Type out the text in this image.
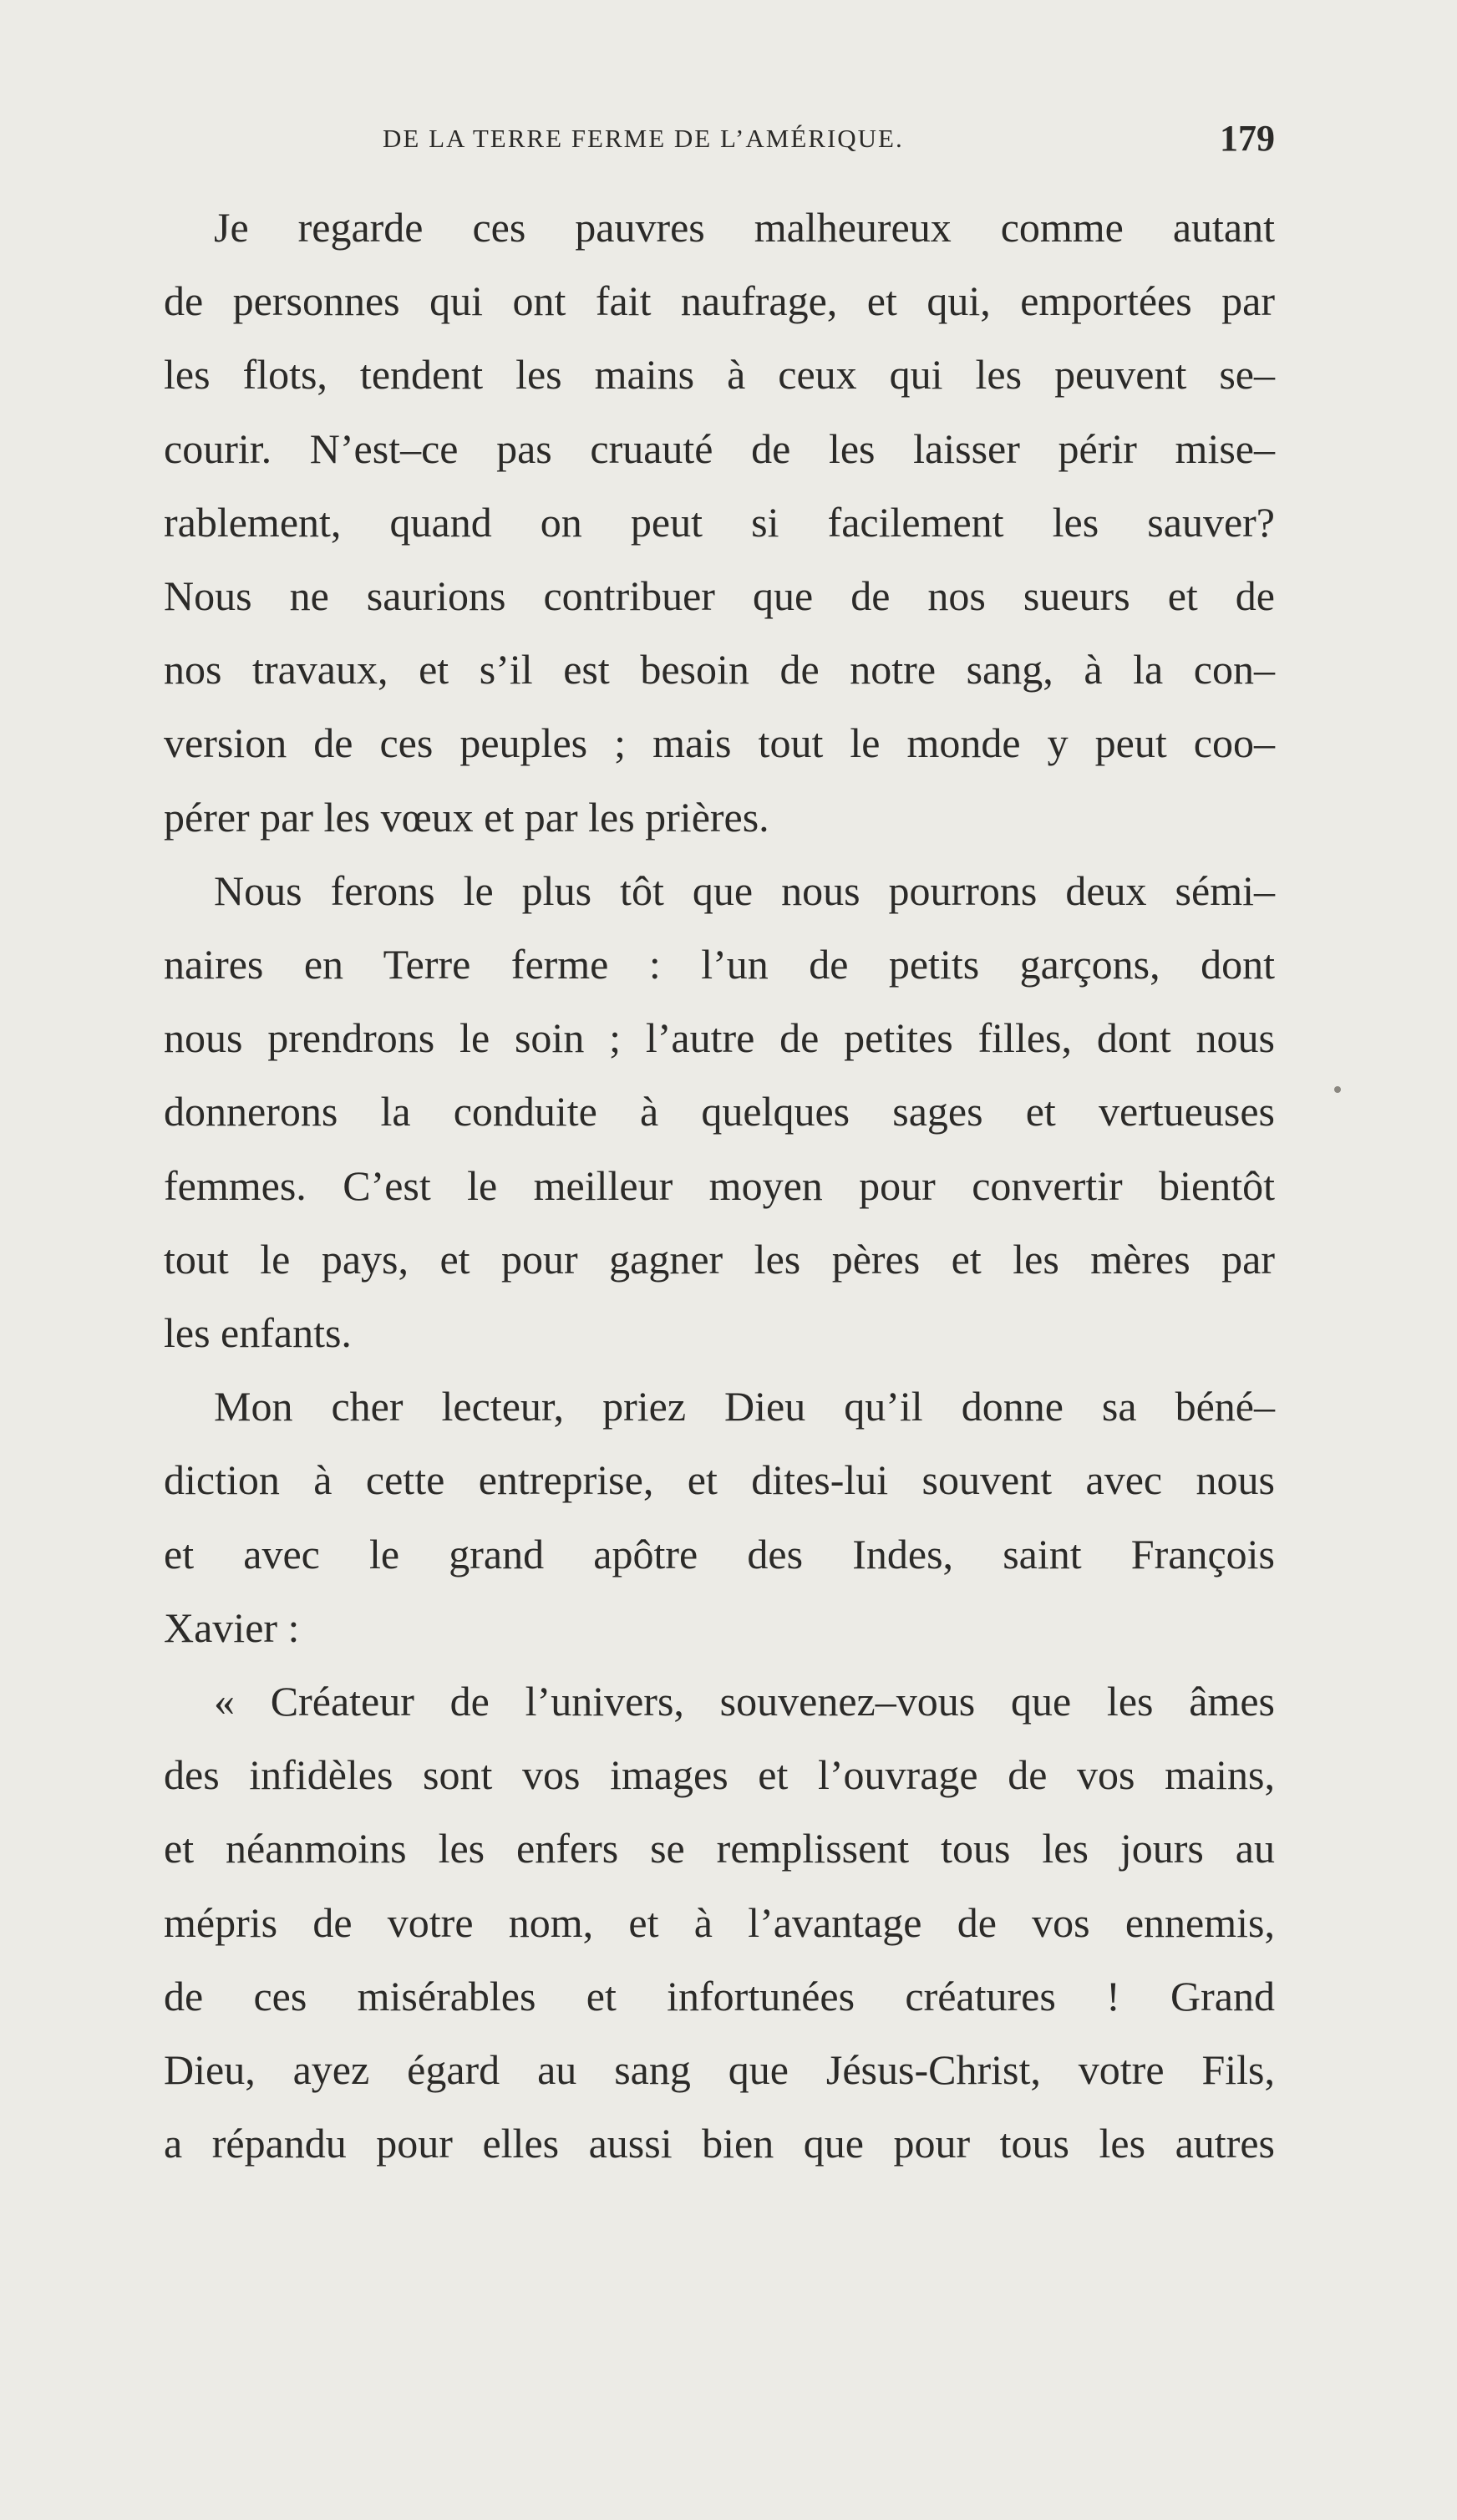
DE LA TERRE FERME DE L’AMÉRIQUE.	179
Je regarde ces pauvres malheureux comme autant
de personnes qui ont fait naufrage, et qui, emportées par
les flots, tendent les mains à ceux qui les peuvent se–
courir. N’est–ce pas cruauté de les laisser périr mise–
rablement, quand on peut si facilement les sauver?
Nous ne saurions contribuer que de nos sueurs et de
nos travaux, et s’il est besoin de notre sang, à la con–
version de ces peuples ; mais tout le monde y peut coo–
pérer par les vœux et par les prières.
Nous ferons le plus tôt que nous pourrons deux sémi–
naires en Terre ferme : l’un de petits garçons, dont
nous prendrons le soin ; l’autre de petites filles, dont nous
donnerons la conduite à quelques sages et vertueuses
femmes. C’est le meilleur moyen pour convertir bientôt
tout le pays, et pour gagner les pères et les mères par
les enfants.
Mon cher lecteur, priez Dieu qu’il donne sa béné–
diction à cette entreprise, et dites-lui souvent avec nous
et avec le grand apôtre des Indes, saint François
Xavier :
« Créateur de l’univers, souvenez–vous que les âmes
des infidèles sont vos images et l’ouvrage de vos mains,
et néanmoins les enfers se remplissent tous les jours au
mépris de votre nom, et à l’avantage de vos ennemis,
de ces misérables et infortunées créatures ! Grand
Dieu, ayez égard au sang que Jésus-Christ, votre Fils,
a répandu pour elles aussi bien que pour tous les autres
